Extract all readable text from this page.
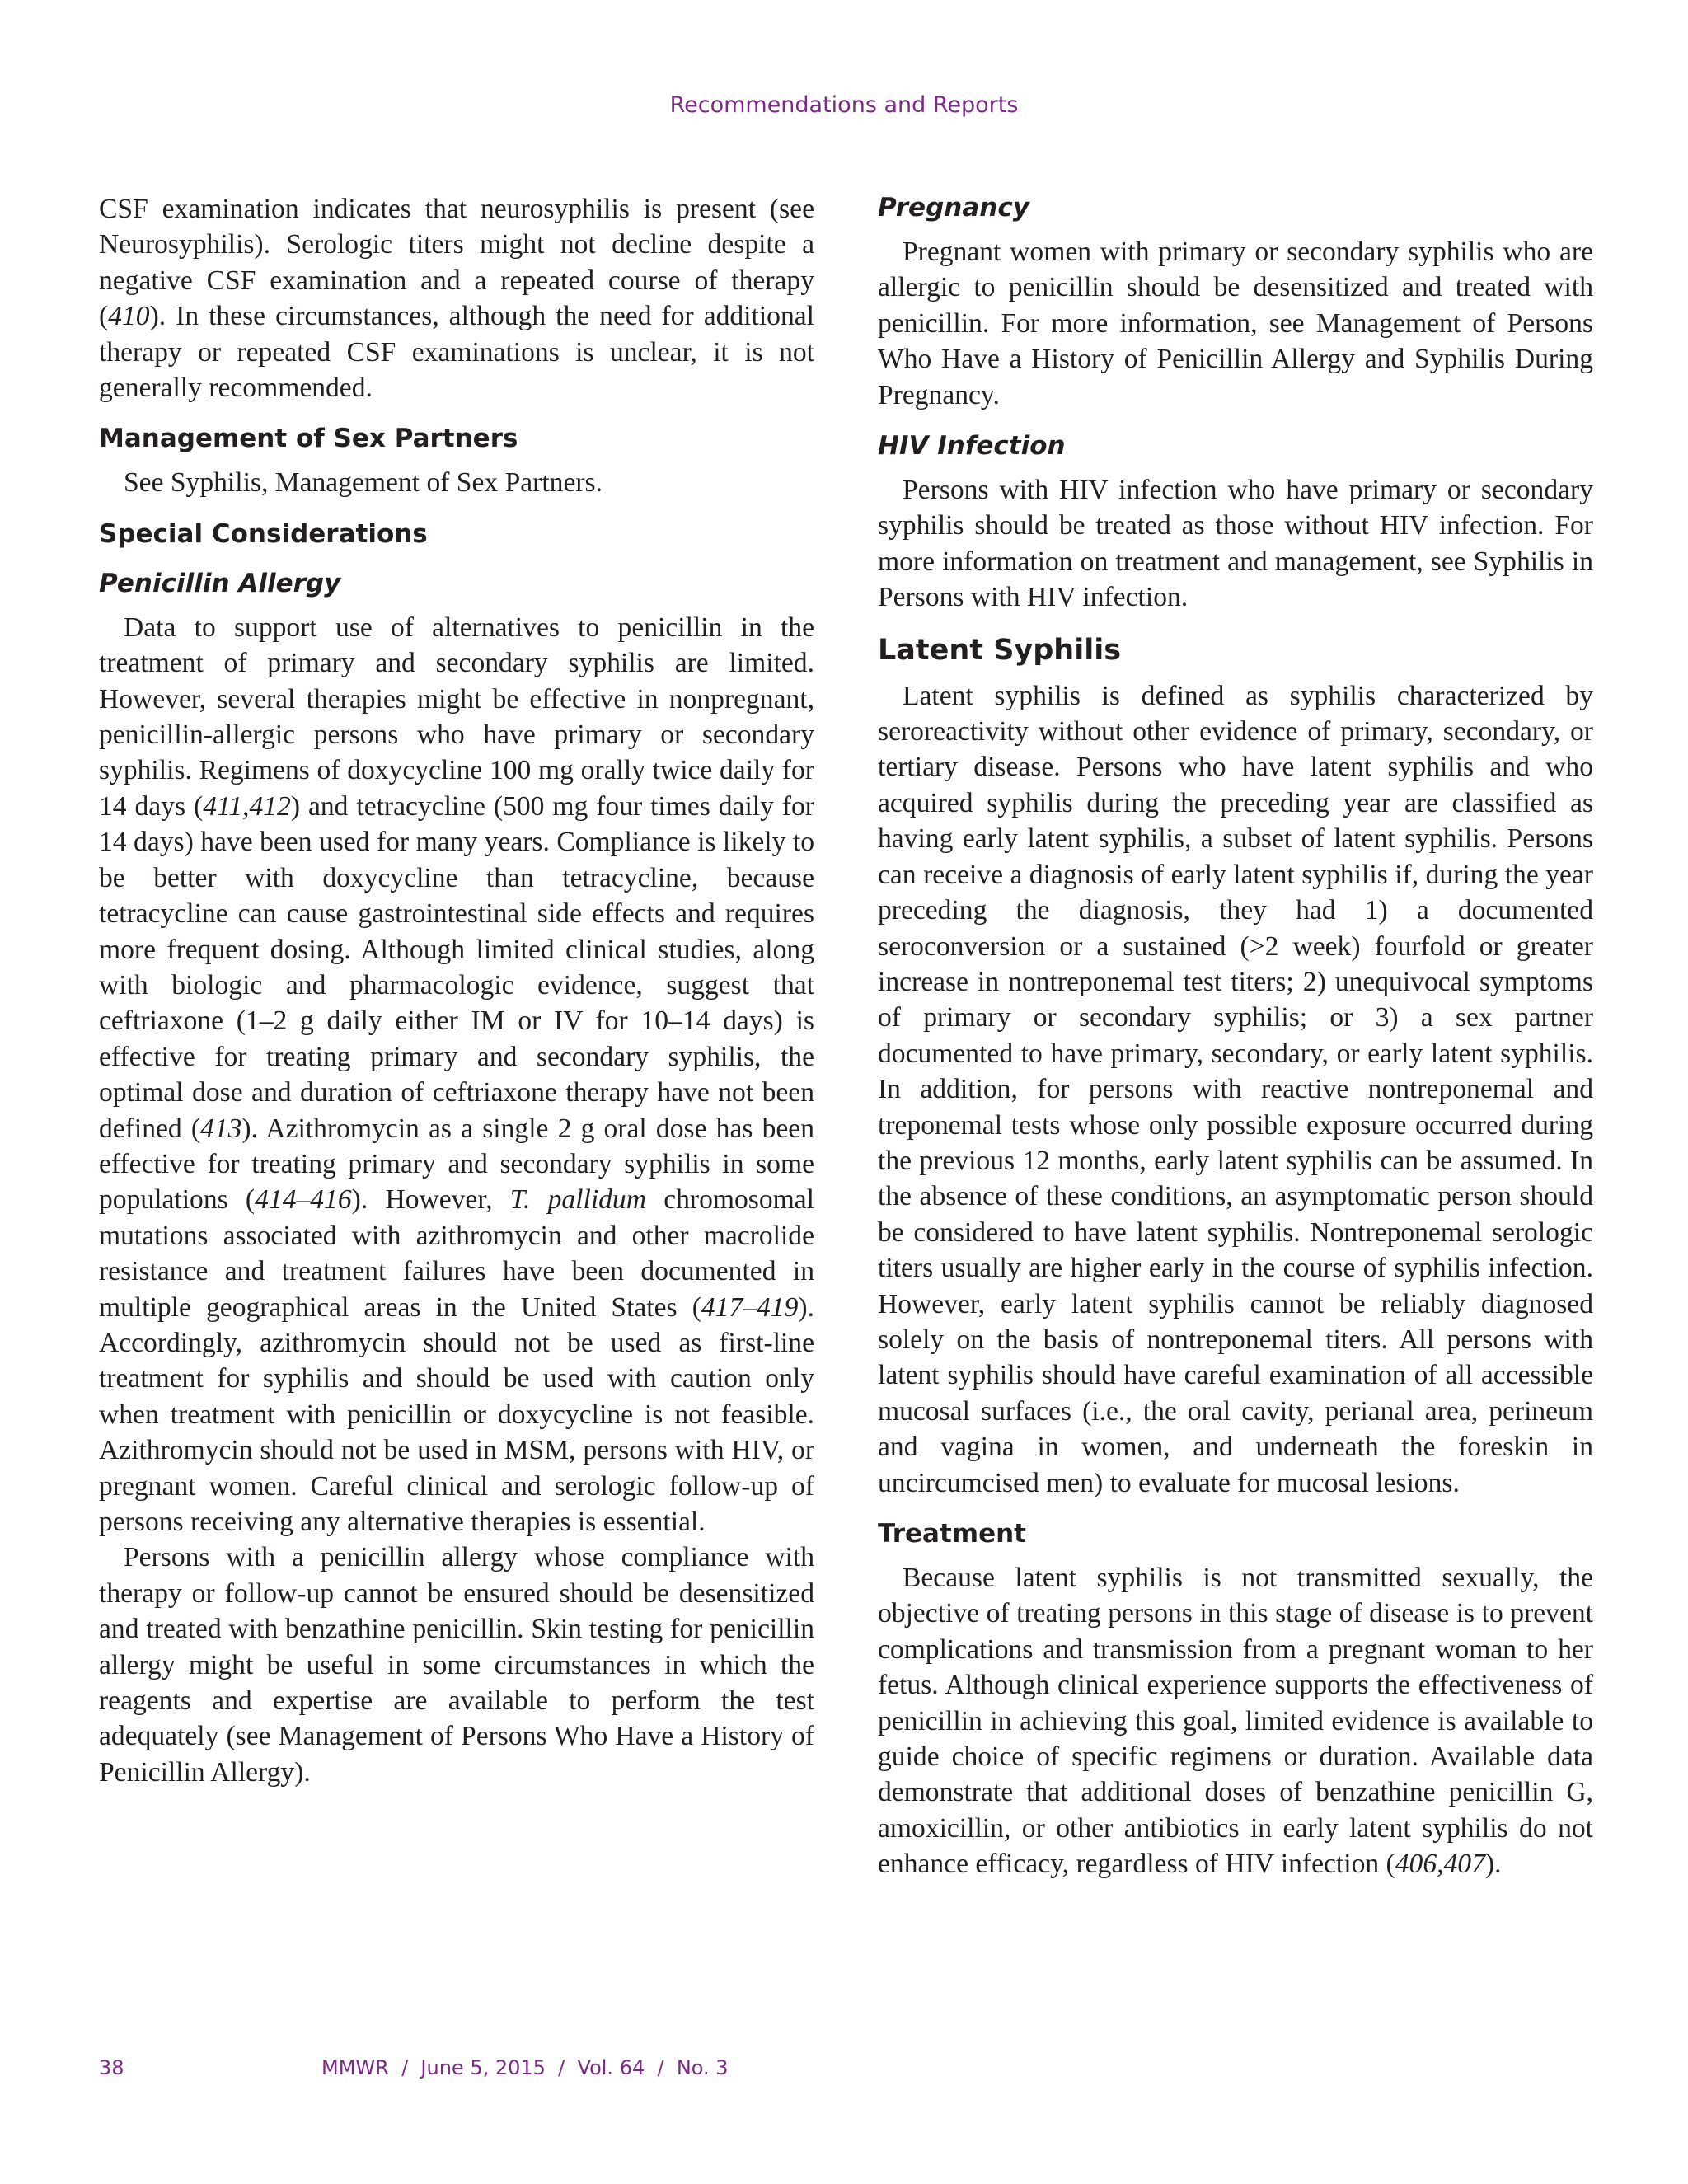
Recommendations and Reports

CSF examination indicates that neurosyphilis is present (see Neurosyphilis). Serologic titers might not decline despite a negative CSF examination and a repeated course of therapy (410). In these circumstances, although the need for additional therapy or repeated CSF examinations is unclear, it is not generally recommended.

Management of Sex Partners

See Syphilis, Management of Sex Partners.

Special Considerations
Penicillin Allergy

Data to support use of alternatives to penicillin in the treatment of primary and secondary syphilis are limited. However, several therapies might be effective in nonpregnant, penicillin-allergic persons who have primary or secondary syphilis. Regimens of doxycycline 100 mg orally twice daily for 14 days (411,412) and tetracycline (500 mg four times daily for 14 days) have been used for many years. Compliance is likely to be better with doxycycline than tetracycline, because tetracycline can cause gastrointestinal side effects and requires more frequent dosing. Although limited clinical studies, along with biologic and pharmacologic evidence, suggest that ceftriaxone (1–2 g daily either IM or IV for 10–14 days) is effective for treating primary and secondary syphilis, the optimal dose and duration of ceftriaxone therapy have not been defined (413). Azithromycin as a single 2 g oral dose has been effective for treating primary and secondary syphilis in some populations (414–416). However, T. pallidum chromosomal mutations associated with azithromycin and other macrolide resistance and treatment failures have been documented in multiple geographical areas in the United States (417–419). Accordingly, azithromycin should not be used as first-line treatment for syphilis and should be used with caution only when treatment with penicillin or doxycycline is not feasible. Azithromycin should not be used in MSM, persons with HIV, or pregnant women. Careful clinical and serologic follow-up of persons receiving any alternative therapies is essential.

Persons with a penicillin allergy whose compliance with therapy or follow-up cannot be ensured should be desensitized and treated with benzathine penicillin. Skin testing for penicillin allergy might be useful in some circumstances in which the reagents and expertise are available to perform the test adequately (see Management of Persons Who Have a History of Penicillin Allergy).

Pregnancy

Pregnant women with primary or secondary syphilis who are allergic to penicillin should be desensitized and treated with penicillin. For more information, see Management of Persons Who Have a History of Penicillin Allergy and Syphilis During Pregnancy.

HIV Infection

Persons with HIV infection who have primary or secondary syphilis should be treated as those without HIV infection. For more information on treatment and management, see Syphilis in Persons with HIV infection.

Latent Syphilis

Latent syphilis is defined as syphilis characterized by seroreactivity without other evidence of primary, secondary, or tertiary disease. Persons who have latent syphilis and who acquired syphilis during the preceding year are classified as having early latent syphilis, a subset of latent syphilis. Persons can receive a diagnosis of early latent syphilis if, during the year preceding the diagnosis, they had 1) a documented seroconversion or a sustained (>2 week) fourfold or greater increase in nontreponemal test titers; 2) unequivocal symptoms of primary or secondary syphilis; or 3) a sex partner documented to have primary, secondary, or early latent syphilis. In addition, for persons with reactive nontreponemal and treponemal tests whose only possible exposure occurred during the previous 12 months, early latent syphilis can be assumed. In the absence of these conditions, an asymptomatic person should be considered to have latent syphilis. Nontreponemal serologic titers usually are higher early in the course of syphilis infection. However, early latent syphilis cannot be reliably diagnosed solely on the basis of nontreponemal titers. All persons with latent syphilis should have careful examination of all accessible mucosal surfaces (i.e., the oral cavity, perianal area, perineum and vagina in women, and underneath the foreskin in uncircumcised men) to evaluate for mucosal lesions.

Treatment

Because latent syphilis is not transmitted sexually, the objective of treating persons in this stage of disease is to prevent complications and transmission from a pregnant woman to her fetus. Although clinical experience supports the effectiveness of penicillin in achieving this goal, limited evidence is available to guide choice of specific regimens or duration. Available data demonstrate that additional doses of benzathine penicillin G, amoxicillin, or other antibiotics in early latent syphilis do not enhance efficacy, regardless of HIV infection (406,407).

38	MMWR  /  June 5, 2015  /  Vol. 64  /  No. 3
